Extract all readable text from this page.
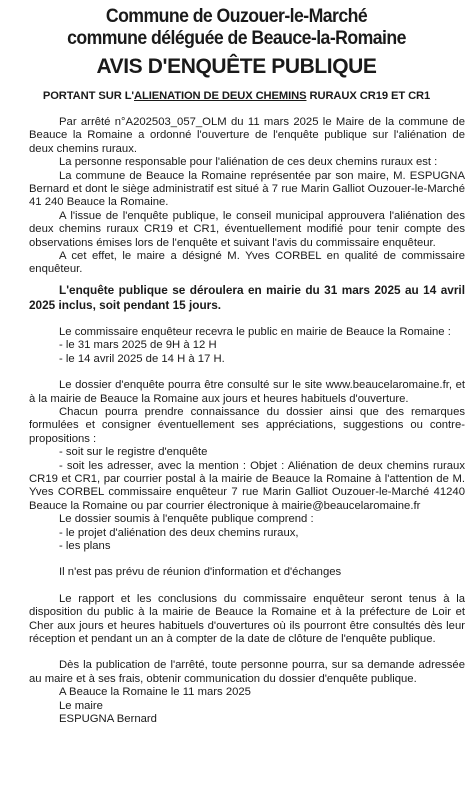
Commune de Ouzouer-le-Marché
commune déléguée de Beauce-la-Romaine
AVIS D'ENQUÊTE PUBLIQUE
PORTANT SUR L'ALIENATION DE DEUX CHEMINS RURAUX CR19 ET CR1

Par arrêté n°A202503_057_OLM du 11 mars 2025 le Maire de la commune de Beauce la Romaine a ordonné l'ouverture de l'enquête publique sur l'aliénation de deux chemins ruraux.

La personne responsable pour l'aliénation de ces deux chemins ruraux est :

La commune de Beauce la Romaine représentée par son maire, M. ESPUGNA Bernard et dont le siège administratif est situé à 7 rue Marin Galliot Ouzouer-le-Marché 41 240 Beauce la Romaine.

A l'issue de l'enquête publique, le conseil municipal approuvera l'aliénation des deux chemins ruraux CR19 et CR1, éventuellement modifié pour tenir compte des observations émises lors de l'enquête et suivant l'avis du commissaire enquêteur.

A cet effet, le maire a désigné M. Yves CORBEL en qualité de commissaire enquêteur.

L'enquête publique se déroulera en mairie du 31 mars 2025 au 14 avril 2025 inclus, soit pendant 15 jours.

Le commissaire enquêteur recevra le public en mairie de Beauce la Romaine :

- le 31 mars 2025 de 9H à 12 H

- le 14 avril 2025 de 14 H à 17 H.

Le dossier d'enquête pourra être consulté sur le site www.beaucelaromaine.fr, et à la mairie de Beauce la Romaine aux jours et heures habituels d'ouverture.

Chacun pourra prendre connaissance du dossier ainsi que des remarques formulées et consigner éventuellement ses appréciations, suggestions ou contre-propositions :

- soit sur le registre d'enquête

- soit les adresser, avec la mention : Objet : Aliénation de deux chemins ruraux CR19 et CR1, par courrier postal à la mairie de Beauce la Romaine à l'attention de M. Yves CORBEL commissaire enquêteur 7 rue Marin Galliot Ouzouer-le-Marché 41240 Beauce la Romaine ou par courrier électronique à mairie@beaucelaromaine.fr

Le dossier soumis à l'enquête publique comprend :

- le projet d'aliénation des deux chemins ruraux,

- les plans

Il n'est pas prévu de réunion d'information et d'échanges

Le rapport et les conclusions du commissaire enquêteur seront tenus à la disposition du public à la mairie de Beauce la Romaine et à la préfecture de Loir et Cher aux jours et heures habituels d'ouvertures où ils pourront être consultés dès leur réception et pendant un an à compter de la date de clôture de l'enquête publique.

Dès la publication de l'arrêté, toute personne pourra, sur sa demande adressée au maire et à ses frais, obtenir communication du dossier d'enquête publique.

A Beauce la Romaine le 11 mars 2025

Le maire

ESPUGNA Bernard
